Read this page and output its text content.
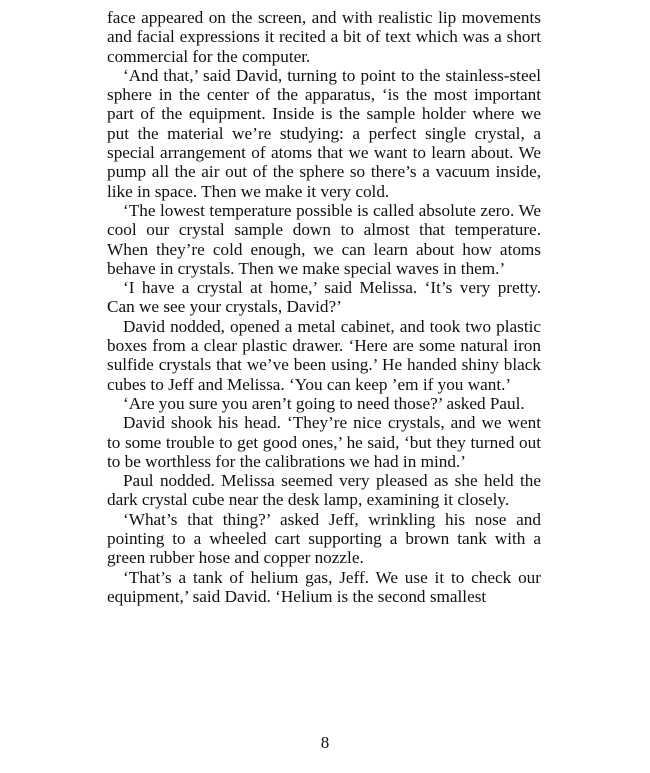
face appeared on the screen, and with realistic lip movements and facial expressions it recited a bit of text which was a short commercial for the computer.

‘And that,’ said David, turning to point to the stainless-steel sphere in the center of the apparatus, ‘is the most important part of the equipment. Inside is the sample holder where we put the material we’re studying: a perfect single crystal, a special arrangement of atoms that we want to learn about. We pump all the air out of the sphere so there’s a vacuum inside, like in space. Then we make it very cold.

‘The lowest temperature possible is called absolute zero. We cool our crystal sample down to almost that temperature. When they’re cold enough, we can learn about how atoms behave in crystals. Then we make special waves in them.’

‘I have a crystal at home,’ said Melissa. ‘It’s very pretty. Can we see your crystals, David?’

David nodded, opened a metal cabinet, and took two plastic boxes from a clear plastic drawer. ‘Here are some natural iron sulfide crystals that we’ve been using.’ He handed shiny black cubes to Jeff and Melissa. ‘You can keep ’em if you want.’

‘Are you sure you aren’t going to need those?’ asked Paul.

David shook his head. ‘They’re nice crystals, and we went to some trouble to get good ones,’ he said, ‘but they turned out to be worthless for the calibrations we had in mind.’

Paul nodded. Melissa seemed very pleased as she held the dark crystal cube near the desk lamp, examining it closely.

‘What’s that thing?’ asked Jeff, wrinkling his nose and pointing to a wheeled cart supporting a brown tank with a green rubber hose and copper nozzle.

‘That’s a tank of helium gas, Jeff. We use it to check our equipment,’ said David. ‘Helium is the second smallest

8
